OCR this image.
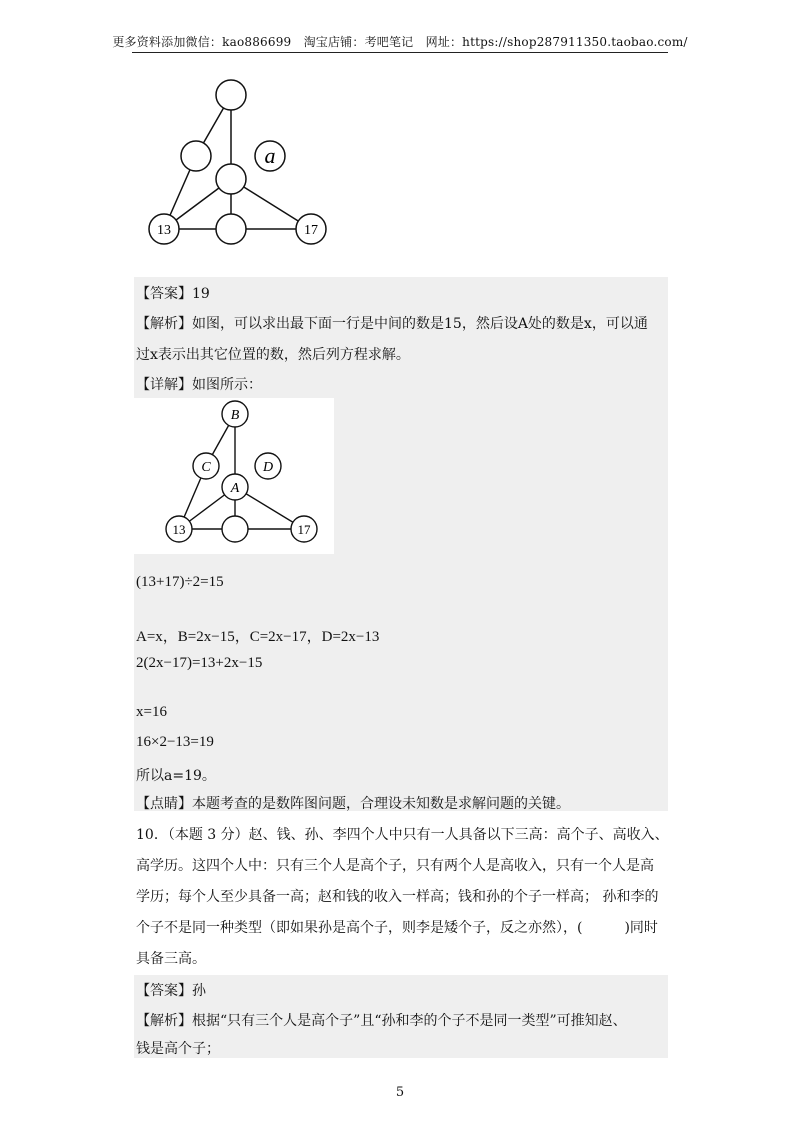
更多资料添加微信：kao886699　淘宝店铺：考吧笔记　网址：https://shop287911350.taobao.com/
a
13	17
【答案】19
【解析】如图，可以求出最下面一行是中间的数是15，然后设A处的数是x，可以通
过x表示出其它位置的数，然后列方程求解。
【详解】如图所示：
B
C	D
A
13	17
(13+17)÷2=15
A=x，B=2x−15，C=2x−17，D=2x−13
2(2x−17)=13+2x−15
x=16
16×2−13=19
所以a=19。
【点睛】本题考查的是数阵图问题，合理设未知数是求解问题的关键。
10．（本题 3 分）赵、钱、孙、李四个人中只有一人具备以下三高：高个子、高收入、
高学历。这四个人中：只有三个人是高个子，只有两个人是高收入，只有一个人是高
学历；每个人至少具备一高；赵和钱的收入一样高；钱和孙的个子一样高； 孙和李的
个子不是同一种类型（即如果孙是高个子，则李是矮个子，反之亦然），(　　　)同时
具备三高。
【答案】孙
【解析】根据“只有三个人是高个子”且“孙和李的个子不是同一类型”可推知赵、
钱是高个子；
5
